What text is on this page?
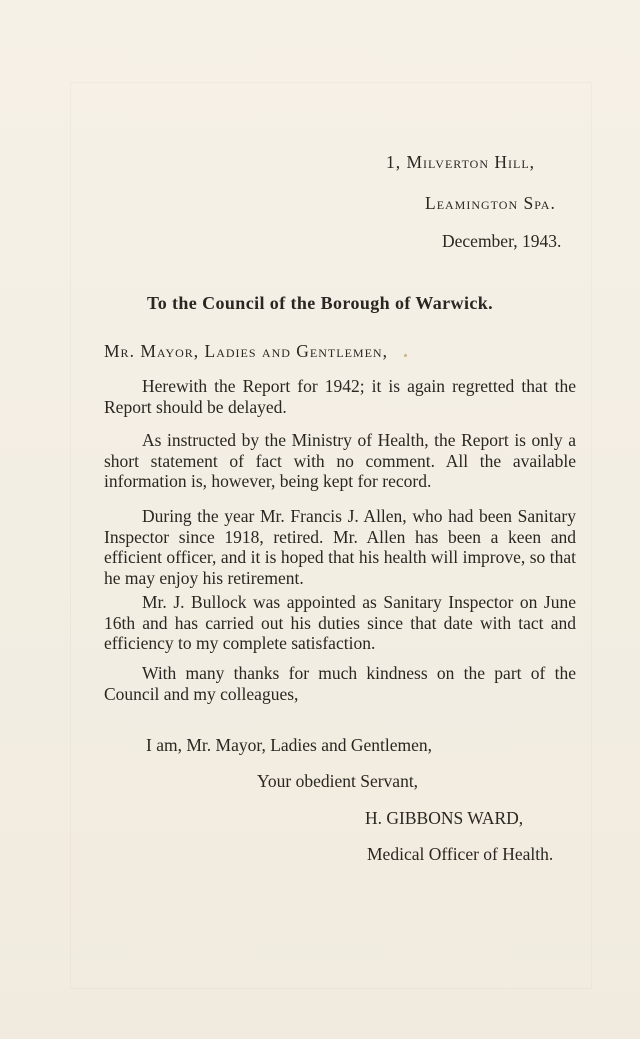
1, Milverton Hill,
Leamington Spa.
December, 1943.
To the Council of the Borough of Warwick.
Mr. Mayor, Ladies and Gentlemen,

Herewith the Report for 1942; it is again regretted that the Report should be delayed.

As instructed by the Ministry of Health, the Report is only a short statement of fact with no comment. All the available information is, however, being kept for record.

During the year Mr. Francis J. Allen, who had been Sanitary Inspector since 1918, retired. Mr. Allen has been a keen and efficient officer, and it is hoped that his health will improve, so that he may enjoy his retirement.

Mr. J. Bullock was appointed as Sanitary Inspector on June 16th and has carried out his duties since that date with tact and efficiency to my complete satisfaction.

With many thanks for much kindness on the part of the Council and my colleagues,

I am, Mr. Mayor, Ladies and Gentlemen,
Your obedient Servant,
H. GIBBONS WARD,
Medical Officer of Health.
